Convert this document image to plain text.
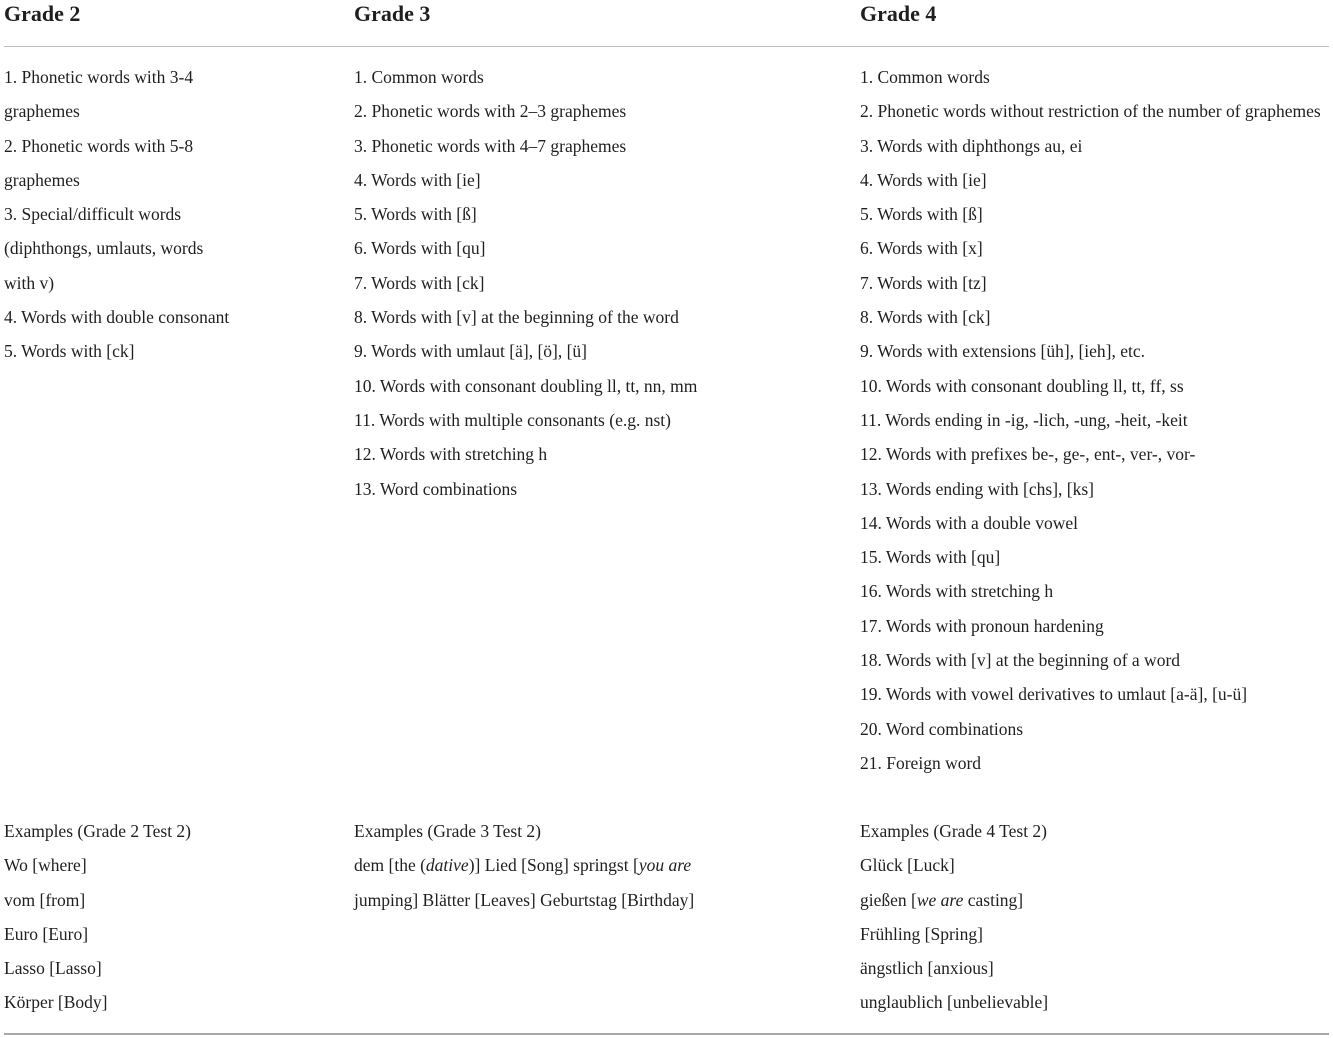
Grade 2	Grade 3	Grade 4
1. Phonetic words with 3-4 graphemes
2. Phonetic words with 5-8 graphemes
3. Special/difficult words (diphthongs, umlauts, words with v)
4. Words with double consonant
5. Words with [ck]
Examples (Grade 2 Test 2)
Wo [where]
vom [from]
Euro [Euro]
Lasso [Lasso]
Körper [Body]
1. Common words
2. Phonetic words with 2–3 graphemes
3. Phonetic words with 4–7 graphemes
4. Words with [ie]
5. Words with [ß]
6. Words with [qu]
7. Words with [ck]
8. Words with [v] at the beginning of the word
9. Words with umlaut [ä], [ö], [ü]
10. Words with consonant doubling ll, tt, nn, mm
11. Words with multiple consonants (e.g. nst)
12. Words with stretching h
13. Word combinations
Examples (Grade 3 Test 2)
dem [the (dative)] Lied [Song] springst [you are jumping] Blätter [Leaves] Geburtstag [Birthday]
1. Common words
2. Phonetic words without restriction of the number of graphemes
3. Words with diphthongs au, ei
4. Words with [ie]
5. Words with [ß]
6. Words with [x]
7. Words with [tz]
8. Words with [ck]
9. Words with extensions [üh], [ieh], etc.
10. Words with consonant doubling ll, tt, ff, ss
11. Words ending in -ig, -lich, -ung, -heit, -keit
12. Words with prefixes be-, ge-, ent-, ver-, vor-
13. Words ending with [chs], [ks]
14. Words with a double vowel
15. Words with [qu]
16. Words with stretching h
17. Words with pronoun hardening
18. Words with [v] at the beginning of a word
19. Words with vowel derivatives to umlaut [a-ä], [u-ü]
20. Word combinations
21. Foreign word
Examples (Grade 4 Test 2)
Glück [Luck]
gießen [we are casting]
Frühling [Spring]
ängstlich [anxious]
unglaublich [unbelievable]
